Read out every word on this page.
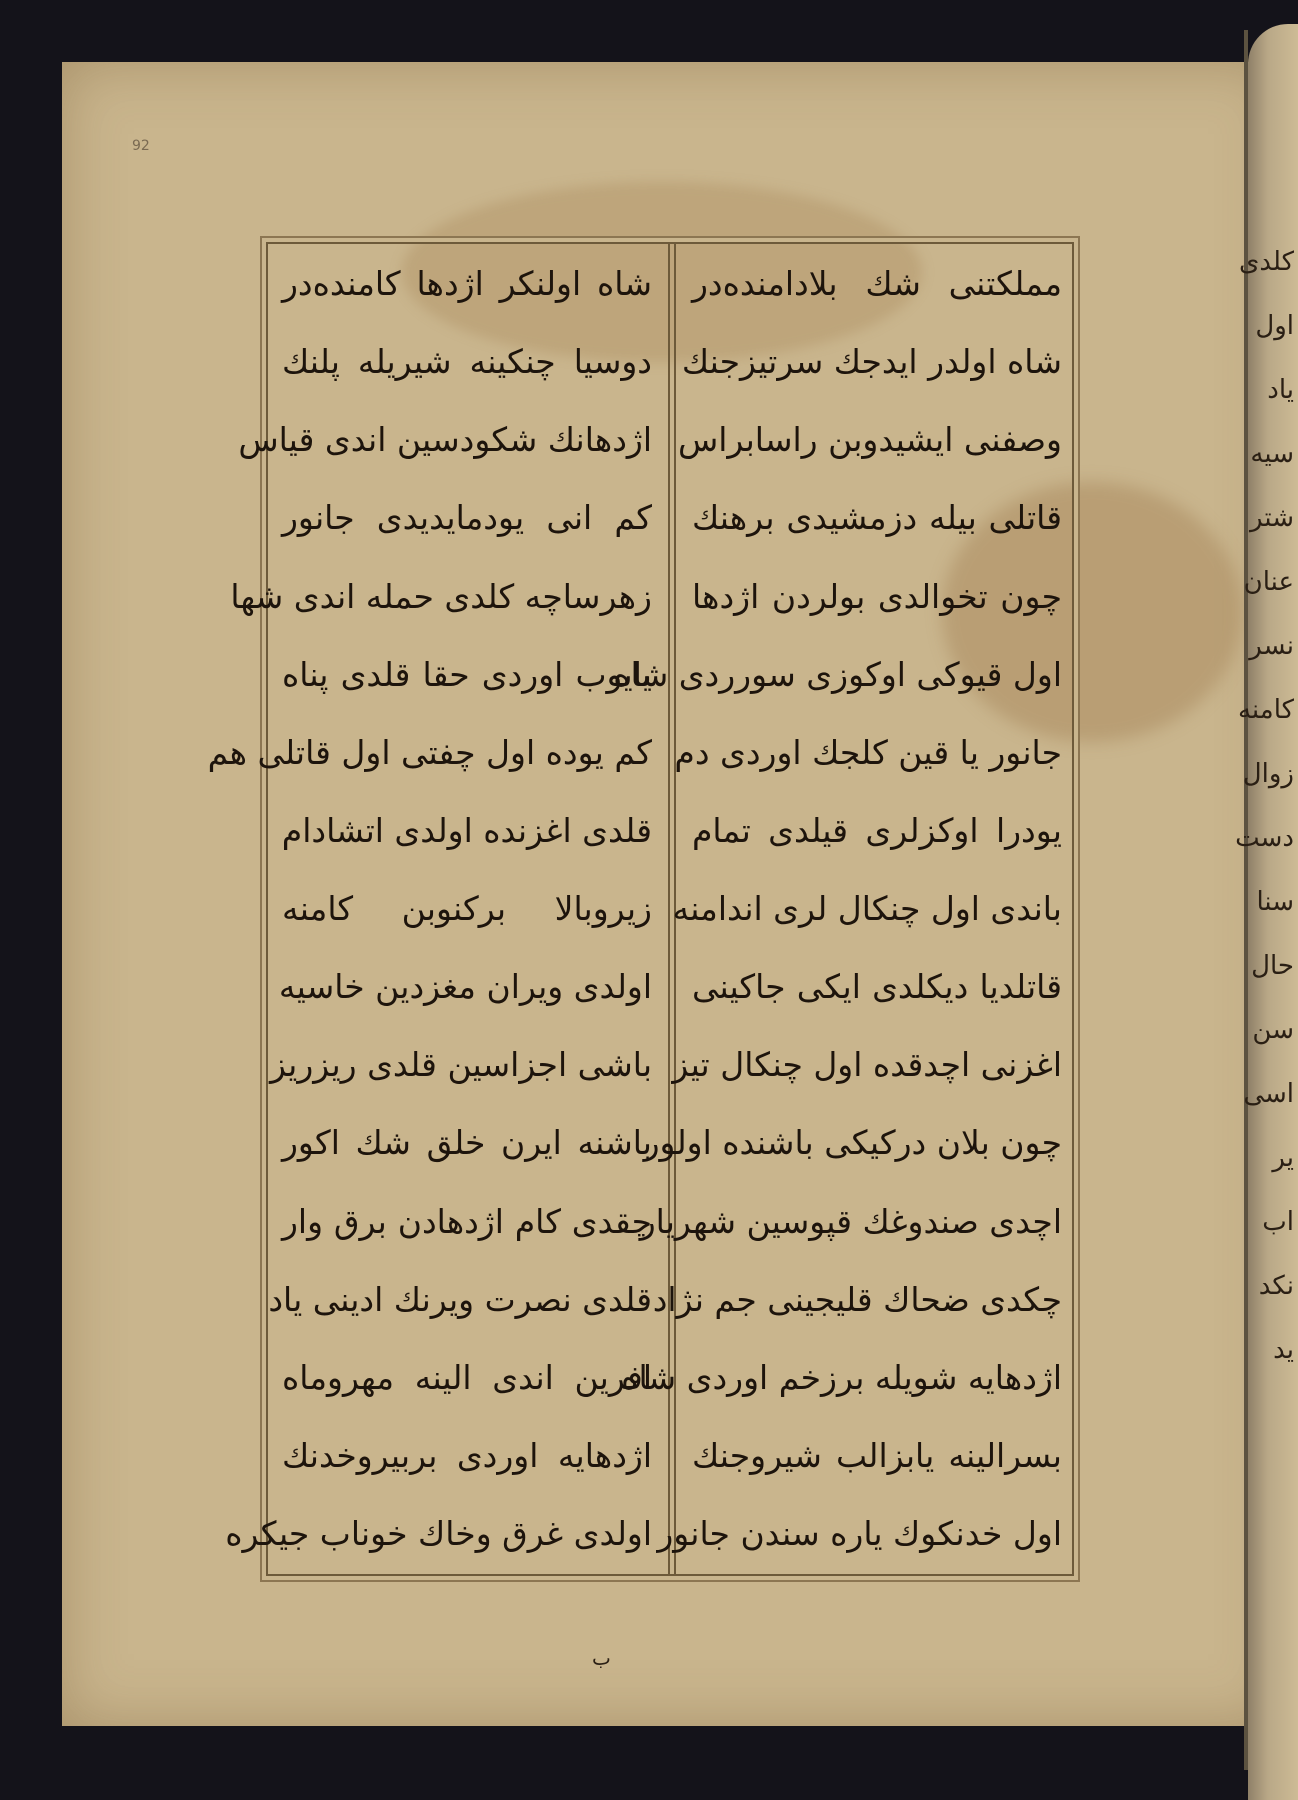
92
كلدى
اول
ياد
سيه
شتر
عنان
نسر
كامنه
زوال
دست
سنا
حال
سن
اسى
ير
اب
نكد
يد
مملكتنى شك بلادامندەدر
شاه اولدر ايدجك سرتيزجنك
وصفنى ايشيدوبن راسابراس
قاتلى بيله دزمشيدى برهنك
چون تخوالدى بولردن اژدها
اول قيوكى اوكوزى سورردى شاه
جانور يا قين كلجك اوردى دم
يودرا اوكزلرى قيلدى تمام
باندى اول چنكال لرى اندامنه
قاتلديا ديكلدى ايكى جاكينى
اغزنى اچدقدە اول چنكال تيز
چون بلان دركيكى باشندە اولور
اچدى صندوغك قپوسين شهريار
چكدى ضحاك قليجينى جم نژاد
اژدهايه شويله برزخم اوردى شاه
بسرالينه يابزالب شيروجنك
اول خدنكوك يارە سندن جانور
شاه اولنكر اژدها كامندەدر
دوسيا چنكينه شيريله پلنك
اژدهانك شكودسين اندى قياس
كم انى يودمايديدى جانور
زهرساچه كلدى حمله اندى شها
يايوب اوردى حقا قلدى پناه
كم يودە اول چفتى اول قاتلى هم
قلدى اغزنده اولدى اتشادام
زيروبالا بركنوبن كامنه
اولدى ويران مغزدين خاسيه
باشى اجزاسين قلدى ريزريز
باشنه ايرن خلق شك اكور
چقدى كام اژدهادن برق وار
قلدى نصرت ويرنك ادينى ياد
افرين اندى الينه مهروماه
اژدهايه اوردى بربيروخدنك
اولدى غرق وخاك خوناب جيكره
ب
